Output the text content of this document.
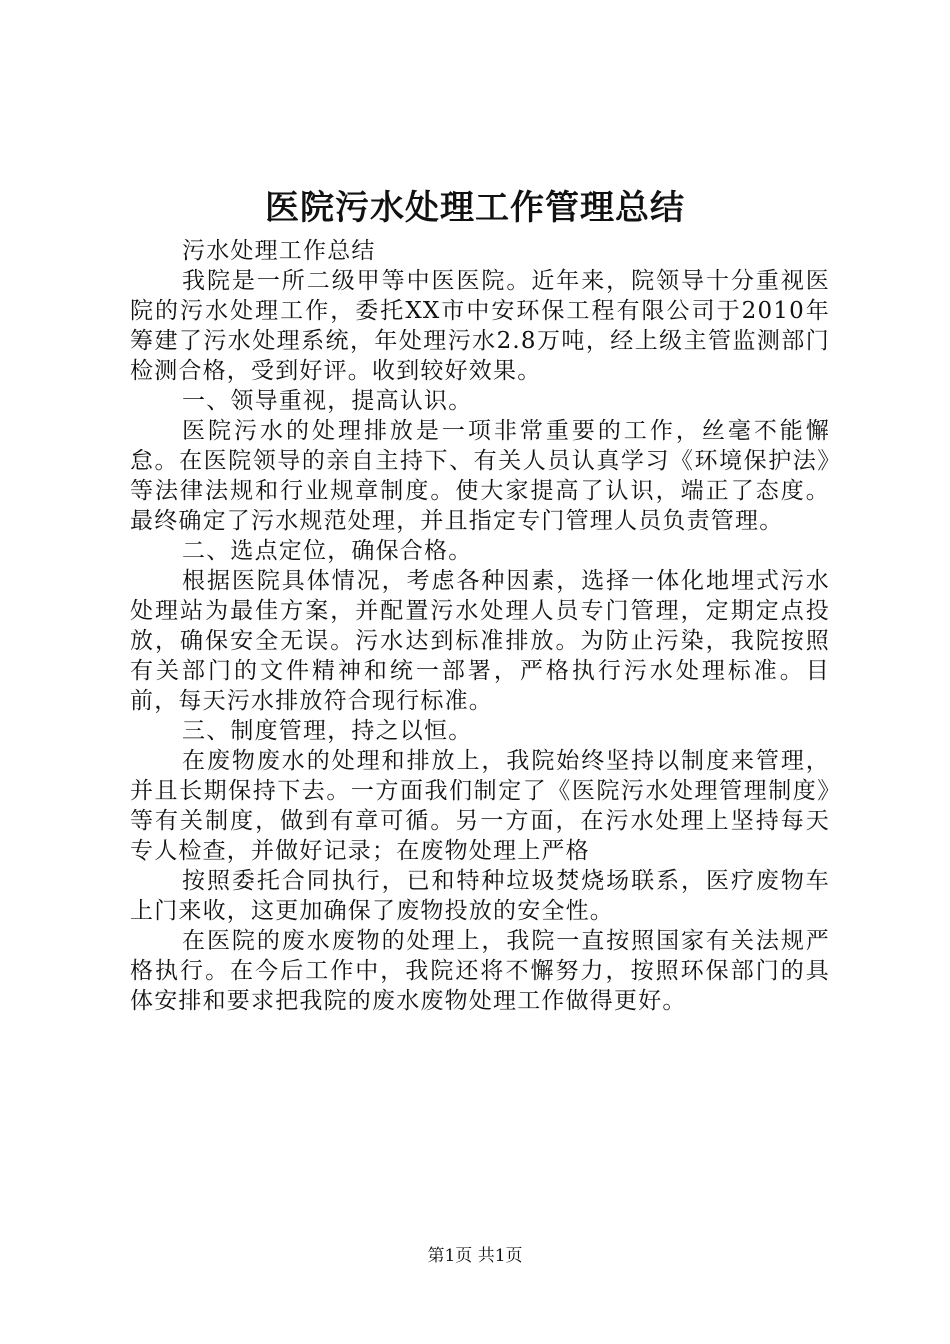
医院污水处理工作管理总结

污水处理工作总结

我院是一所二级甲等中医医院。近年来，院领导十分重视医院的污水处理工作，委托XX市中安环保工程有限公司于2010年筹建了污水处理系统，年处理污水2.8万吨，经上级主管监测部门检测合格，受到好评。收到较好效果。

一、领导重视，提高认识。

医院污水的处理排放是一项非常重要的工作，丝毫不能懈怠。在医院领导的亲自主持下、有关人员认真学习《环境保护法》等法律法规和行业规章制度。使大家提高了认识，端正了态度。最终确定了污水规范处理，并且指定专门管理人员负责管理。

二、选点定位，确保合格。

根据医院具体情况，考虑各种因素，选择一体化地埋式污水处理站为最佳方案，并配置污水处理人员专门管理，定期定点投放，确保安全无误。污水达到标准排放。为防止污染，我院按照有关部门的文件精神和统一部署，严格执行污水处理标准。目前，每天污水排放符合现行标准。

三、制度管理，持之以恒。

在废物废水的处理和排放上，我院始终坚持以制度来管理，并且长期保持下去。一方面我们制定了《医院污水处理管理制度》等有关制度，做到有章可循。另一方面，在污水处理上坚持每天专人检查，并做好记录；在废物处理上严格

按照委托合同执行，已和特种垃圾焚烧场联系，医疗废物车上门来收，这更加确保了废物投放的安全性。

在医院的废水废物的处理上，我院一直按照国家有关法规严格执行。在今后工作中，我院还将不懈努力，按照环保部门的具体安排和要求把我院的废水废物处理工作做得更好。

第1页 共1页
